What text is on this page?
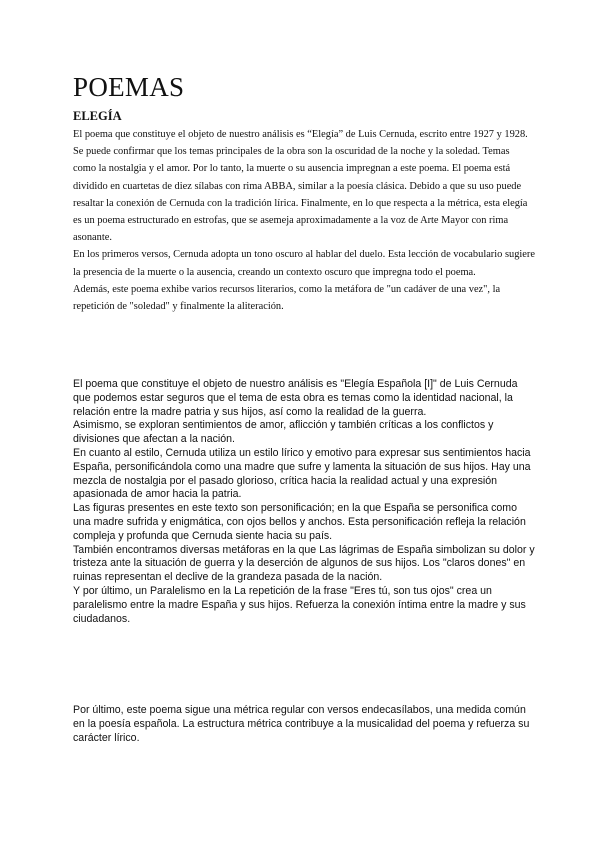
POEMAS
ELEGÍA

El poema que constituye el objeto de nuestro análisis es “Elegía” de Luis Cernuda, escrito entre 1927 y 1928.

Se puede confirmar que los temas principales de la obra son la oscuridad de la noche y la soledad. Temas como la nostalgia y el amor. Por lo tanto, la muerte o su ausencia impregnan a este poema. El poema está dividido en cuartetas de diez sílabas con rima ABBA, similar a la poesía clásica. Debido a que su uso puede resaltar la conexión de Cernuda con la tradición lírica. Finalmente, en lo que respecta a la métrica, esta elegía es un poema estructurado en estrofas, que se asemeja aproximadamente a la voz de Arte Mayor con rima asonante.

En los primeros versos, Cernuda adopta un tono oscuro al hablar del duelo. Esta lección de vocabulario sugiere la presencia de la muerte o la ausencia, creando un contexto oscuro que impregna todo el poema.

Además, este poema exhibe varios recursos literarios, como la metáfora de "un cadáver de una vez", la repetición de "soledad" y finalmente la aliteración.

El poema que constituye el objeto de nuestro análisis es "Elegía Española [I]" de Luis Cernuda que podemos estar seguros que el tema de esta obra es temas como la identidad nacional, la relación entre la madre patria y sus hijos, así como la realidad de la guerra.

Asimismo, se exploran sentimientos de amor, aflicción y también críticas a los conflictos y divisiones que afectan a la nación.

En cuanto al estilo, Cernuda utiliza un estilo lírico y emotivo para expresar sus sentimientos hacia España, personificándola como una madre que sufre y lamenta la situación de sus hijos. Hay una mezcla de nostalgia por el pasado glorioso, crítica hacia la realidad actual y una expresión apasionada de amor hacia la patria.

Las figuras presentes en este texto son personificación; en la que España se personifica como una madre sufrida y enigmática, con ojos bellos y anchos. Esta personificación refleja la relación compleja y profunda que Cernuda siente hacia su país.

También encontramos diversas metáforas en la que Las lágrimas de España simbolizan su dolor y tristeza ante la situación de guerra y la deserción de algunos de sus hijos. Los "claros dones" en ruinas representan el declive de la grandeza pasada de la nación.

Y por último, un Paralelismo en la La repetición de la frase "Eres tú, son tus ojos" crea un paralelismo entre la madre España y sus hijos. Refuerza la conexión íntima entre la madre y sus ciudadanos.

Por último, este poema sigue una métrica regular con versos endecasílabos, una medida común en la poesía española. La estructura métrica contribuye a la musicalidad del poema y refuerza su carácter lírico.
